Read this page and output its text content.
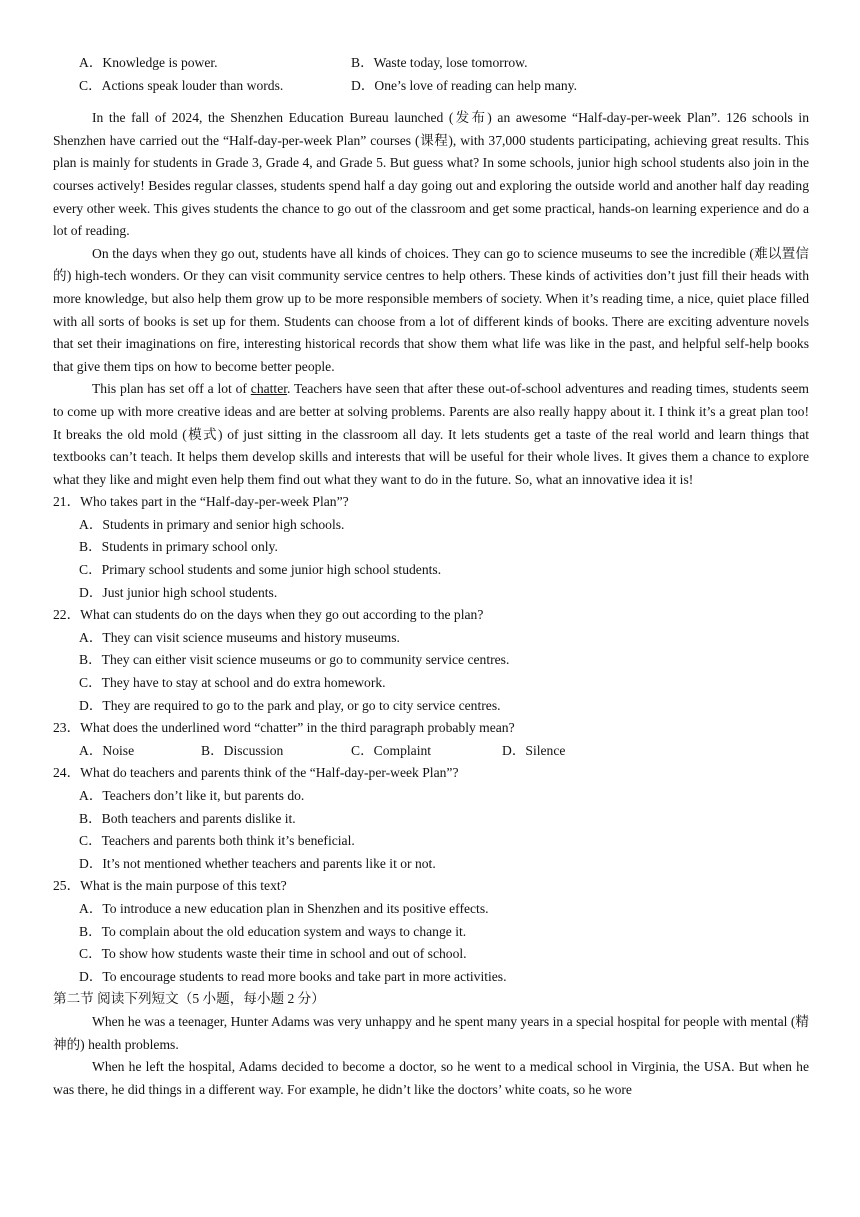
A．Knowledge is power.	B．Waste today, lose tomorrow.
C．Actions speak louder than words.	D．One’s love of reading can help many.

In the fall of 2024, the Shenzhen Education Bureau launched (发布) an awesome “Half-day-per-week Plan”. 126 schools in Shenzhen have carried out the “Half-day-per-week Plan” courses (课程), with 37,000 students participating, achieving great results. This plan is mainly for students in Grade 3, Grade 4, and Grade 5. But guess what? In some schools, junior high school students also join in the courses actively! Besides regular classes, students spend half a day going out and exploring the outside world and another half day reading every other week. This gives students the chance to go out of the classroom and get some practical, hands-on learning experience and do a lot of reading.

On the days when they go out, students have all kinds of choices. They can go to science museums to see the incredible (难以置信的) high-tech wonders. Or they can visit community service centres to help others. These kinds of activities don’t just fill their heads with more knowledge, but also help them grow up to be more responsible members of society. When it’s reading time, a nice, quiet place filled with all sorts of books is set up for them. Students can choose from a lot of different kinds of books. There are exciting adventure novels that set their imaginations on fire, interesting historical records that show them what life was like in the past, and helpful self-help books that give them tips on how to become better people.

This plan has set off a lot of chatter. Teachers have seen that after these out-of-school adventures and reading times, students seem to come up with more creative ideas and are better at solving problems. Parents are also really happy about it. I think it’s a great plan too! It breaks the old mold (模式) of just sitting in the classroom all day. It lets students get a taste of the real world and learn things that textbooks can’t teach. It helps them develop skills and interests that will be useful for their whole lives. It gives them a chance to explore what they like and might even help them find out what they want to do in the future. So, what an innovative idea it is!

21．Who takes part in the “Half-day-per-week Plan”?
A．Students in primary and senior high schools.
B．Students in primary school only.
C．Primary school students and some junior high school students.
D．Just junior high school students.
22．What can students do on the days when they go out according to the plan?
A．They can visit science museums and history museums.
B．They can either visit science museums or go to community service centres.
C．They have to stay at school and do extra homework.
D．They are required to go to the park and play, or go to city service centres.
23．What does the underlined word “chatter” in the third paragraph probably mean?
A．Noise	B．Discussion	C．Complaint	D．Silence
24．What do teachers and parents think of the “Half-day-per-week Plan”?
A．Teachers don’t like it, but parents do.
B．Both teachers and parents dislike it.
C．Teachers and parents both think it’s beneficial.
D．It’s not mentioned whether teachers and parents like it or not.
25．What is the main purpose of this text?
A．To introduce a new education plan in Shenzhen and its positive effects.
B．To complain about the old education system and ways to change it.
C．To show how students waste their time in school and out of school.
D．To encourage students to read more books and take part in more activities.
第二节 阅读下列短文（5 小题，每小题 2 分）

When he was a teenager, Hunter Adams was very unhappy and he spent many years in a special hospital for people with mental (精神的) health problems.

When he left the hospital, Adams decided to become a doctor, so he went to a medical school in Virginia, the USA. But when he was there, he did things in a different way. For example, he didn’t like the doctors’ white coats, so he wore
